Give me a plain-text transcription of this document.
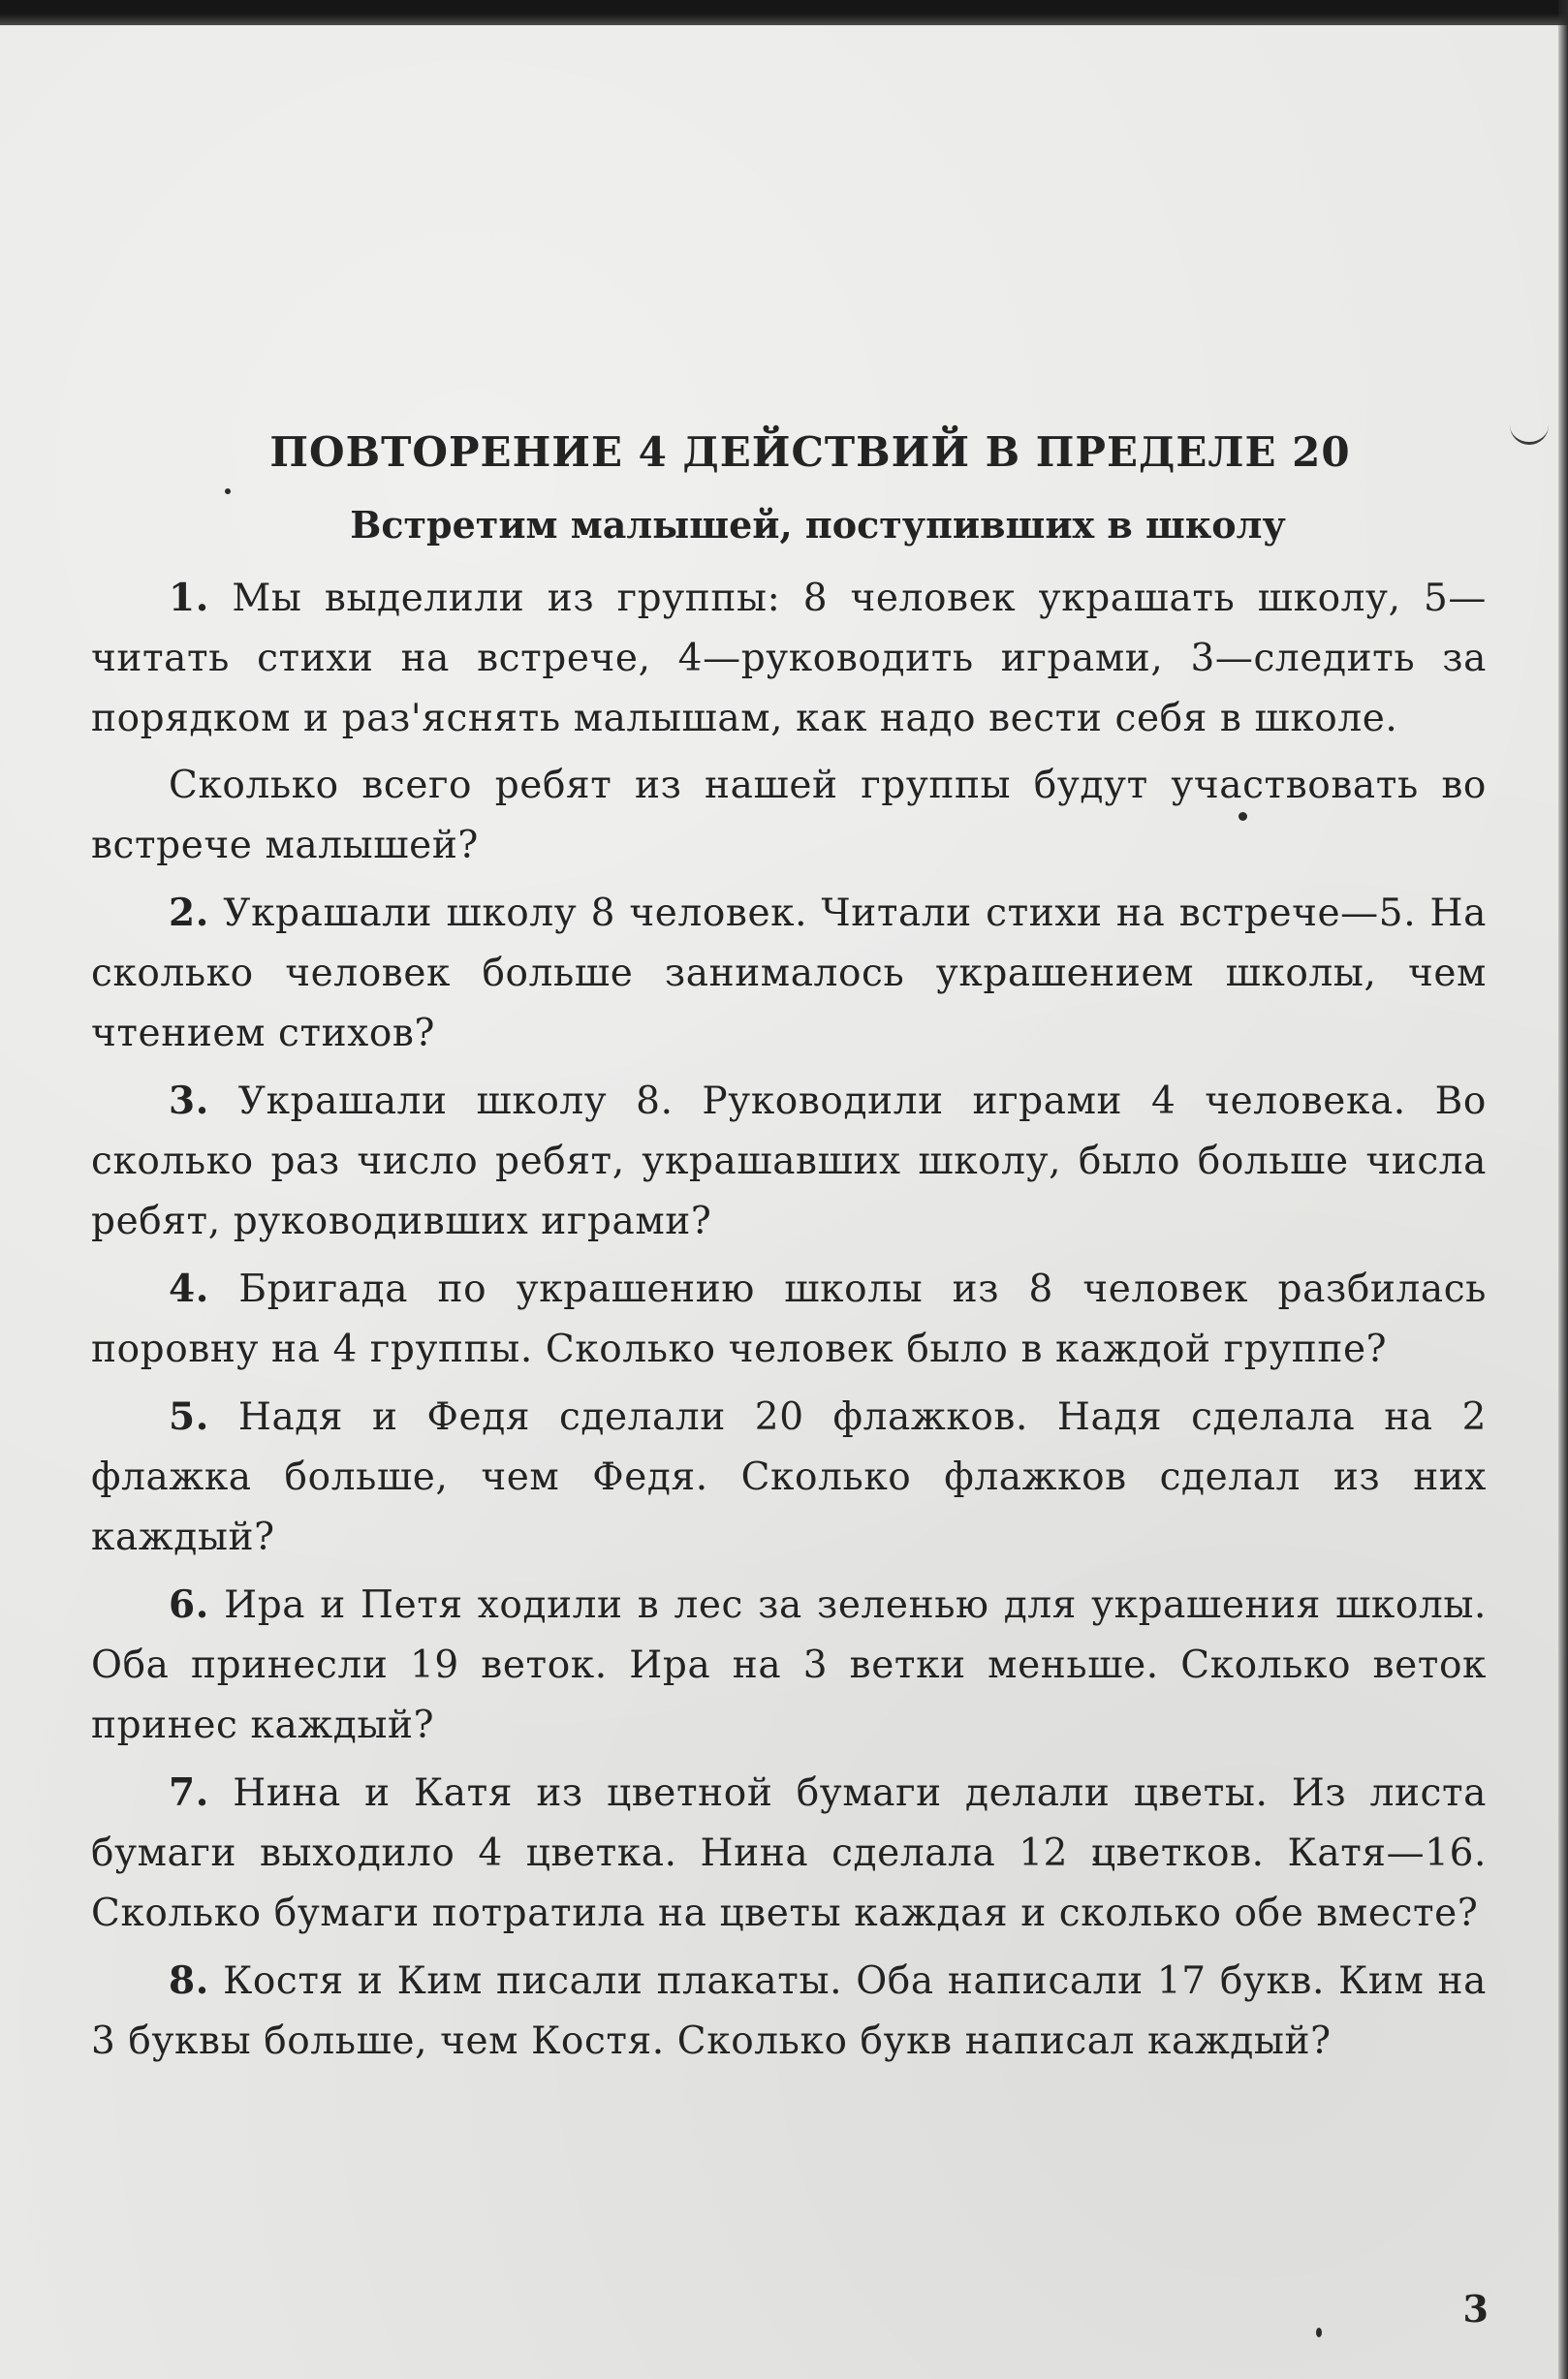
ПОВТОРЕНИЕ 4 ДЕЙСТВИЙ В ПРЕДЕЛЕ 20
Встретим малышей, поступивших в школу

1. Мы выделили из группы: 8 человек украшать школу, 5—читать стихи на встрече, 4—руководить играми, 3—следить за порядком и раз'яснять малышам, как надо вести себя в школе.

Сколько всего ребят из нашей группы будут участвовать во встрече малышей?

2. Украшали школу 8 человек. Читали стихи на встрече—5. На сколько человек больше занималось украшением школы, чем чтением стихов?

3. Украшали школу 8. Руководили играми 4 человека. Во сколько раз число ребят, украшавших школу, было больше числа ребят, руководивших играми?

4. Бригада по украшению школы из 8 человек разбилась поровну на 4 группы. Сколько человек было в каждой группе?

5. Надя и Федя сделали 20 флажков. Надя сделала на 2 флажка больше, чем Федя. Сколько флажков сделал из них каждый?

6. Ира и Петя ходили в лес за зеленью для украшения школы. Оба принесли 19 веток. Ира на 3 ветки меньше. Сколько веток принес каждый?

7. Нина и Катя из цветной бумаги делали цветы. Из листа бумаги выходило 4 цветка. Нина сделала 12 цветков. Катя—16. Сколько бумаги потратила на цветы каждая и сколько обе вместе?

8. Костя и Ким писали плакаты. Оба написали 17 букв. Ким на 3 буквы больше, чем Костя. Сколько букв написал каждый?

3
